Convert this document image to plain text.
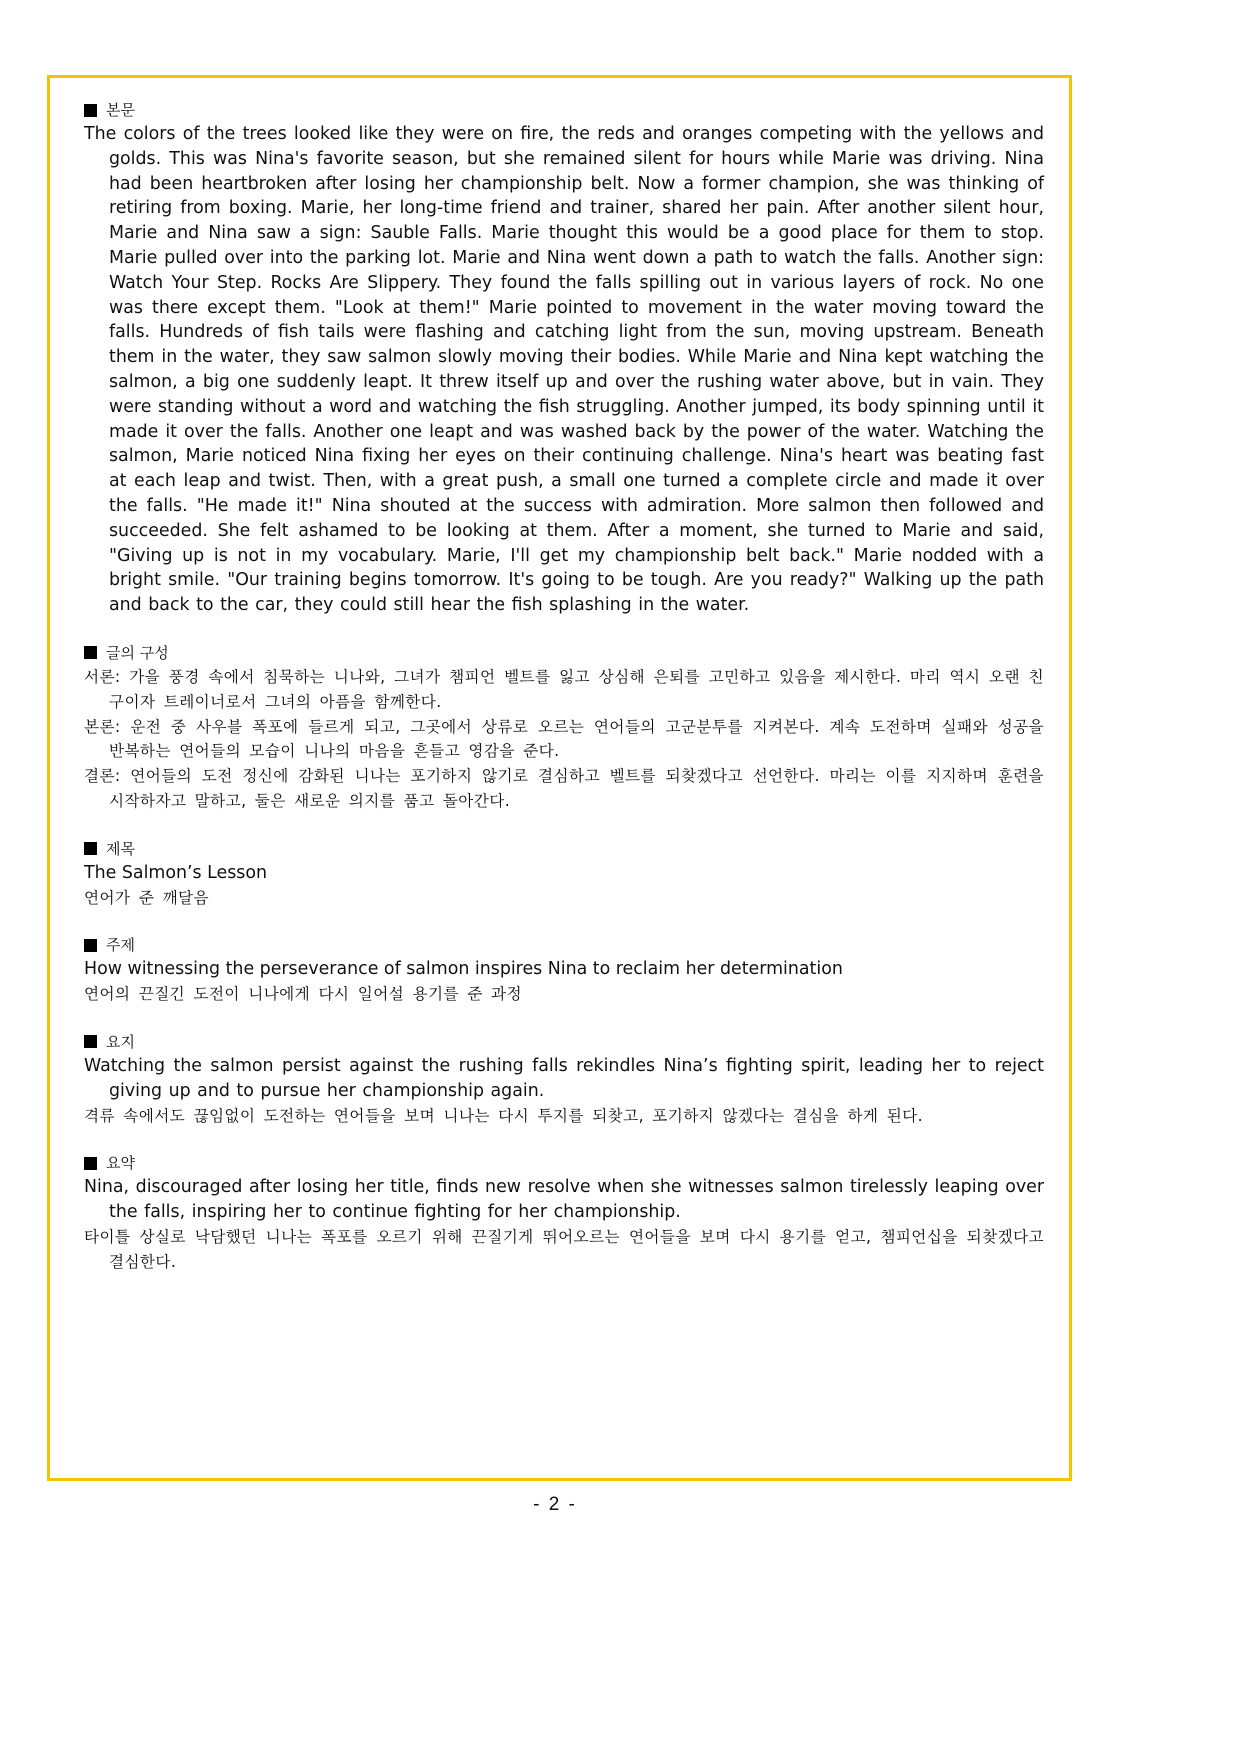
본문

The colors of the trees looked like they were on fire, the reds and oranges competing with the yellows and golds. This was Nina's favorite season, but she remained silent for hours while Marie was driving. Nina had been heartbroken after losing her championship belt. Now a former champion, she was thinking of retiring from boxing. Marie, her long-time friend and trainer, shared her pain. After another silent hour, Marie and Nina saw a sign: Sauble Falls. Marie thought this would be a good place for them to stop. Marie pulled over into the parking lot. Marie and Nina went down a path to watch the falls. Another sign: Watch Your Step. Rocks Are Slippery. They found the falls spilling out in various layers of rock. No one was there except them. "Look at them!" Marie pointed to movement in the water moving toward the falls. Hundreds of fish tails were flashing and catching light from the sun, moving upstream. Beneath them in the water, they saw salmon slowly moving their bodies. While Marie and Nina kept watching the salmon, a big one suddenly leapt. It threw itself up and over the rushing water above, but in vain. They were standing without a word and watching the fish struggling. Another jumped, its body spinning until it made it over the falls. Another one leapt and was washed back by the power of the water. Watching the salmon, Marie noticed Nina fixing her eyes on their continuing challenge. Nina's heart was beating fast at each leap and twist. Then, with a great push, a small one turned a complete circle and made it over the falls. "He made it!" Nina shouted at the success with admiration. More salmon then followed and succeeded. She felt ashamed to be looking at them. After a moment, she turned to Marie and said, "Giving up is not in my vocabulary. Marie, I'll get my championship belt back." Marie nodded with a bright smile. "Our training begins tomorrow. It's going to be tough. Are you ready?" Walking up the path and back to the car, they could still hear the fish splashing in the water.

글의 구성

서론: 가을 풍경 속에서 침묵하는 니나와, 그녀가 챔피언 벨트를 잃고 상심해 은퇴를 고민하고 있음을 제시한다. 마리 역시 오랜 친구이자 트레이너로서 그녀의 아픔을 함께한다.

본론: 운전 중 사우블 폭포에 들르게 되고, 그곳에서 상류로 오르는 연어들의 고군분투를 지켜본다. 계속 도전하며 실패와 성공을 반복하는 연어들의 모습이 니나의 마음을 흔들고 영감을 준다.

결론: 연어들의 도전 정신에 감화된 니나는 포기하지 않기로 결심하고 벨트를 되찾겠다고 선언한다. 마리는 이를 지지하며 훈련을 시작하자고 말하고, 둘은 새로운 의지를 품고 돌아간다.

제목

The Salmon’s Lesson

연어가 준 깨달음

주제

How witnessing the perseverance of salmon inspires Nina to reclaim her determination

연어의 끈질긴 도전이 니나에게 다시 일어설 용기를 준 과정

요지

Watching the salmon persist against the rushing falls rekindles Nina’s fighting spirit, leading her to reject giving up and to pursue her championship again.

격류 속에서도 끊임없이 도전하는 연어들을 보며 니나는 다시 투지를 되찾고, 포기하지 않겠다는 결심을 하게 된다.

요약

Nina, discouraged after losing her title, finds new resolve when she witnesses salmon tirelessly leaping over the falls, inspiring her to continue fighting for her championship.

타이틀 상실로 낙담했던 니나는 폭포를 오르기 위해 끈질기게 뛰어오르는 연어들을 보며 다시 용기를 얻고, 챔피언십을 되찾겠다고 결심한다.

- 2 -
